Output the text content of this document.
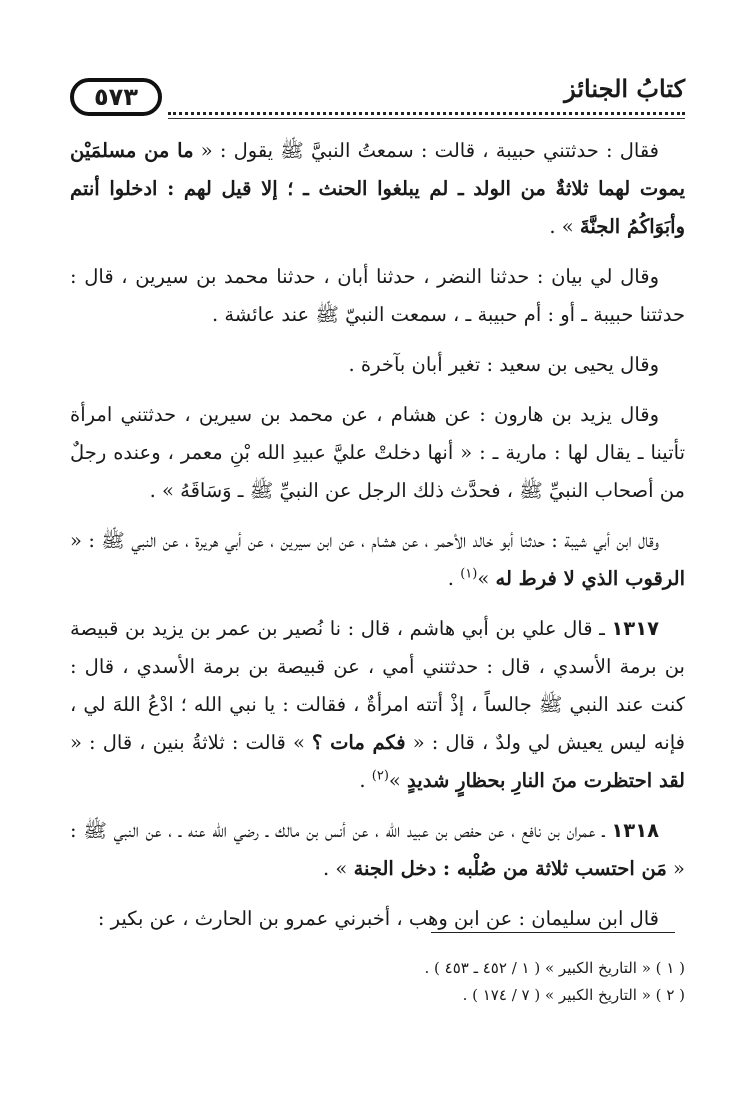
٥٧٣	كتابُ الجنائز

فقال : حدثتني حبيبة ، قالت : سمعتُ النبيَّ ﷺ يقول : « ما من مسلمَيْن يموت لهما ثلاثةٌ من الولد ـ لم يبلغوا الحنث ـ ؛ إلا قيل لهم : ادخلوا أنتم وأبَوَاكُمُ الجنَّةَ » .

وقال لي بيان : حدثنا النضر ، حدثنا أبان ، حدثنا محمد بن سيرين ، قال : حدثتنا حبيبة ـ أو : أم حبيبة ـ ، سمعت النبيّ ﷺ عند عائشة .

وقال يحيى بن سعيد : تغير أبان بآخرة .

وقال يزيد بن هارون : عن هشام ، عن محمد بن سيرين ، حدثتني امرأة تأتينا ـ يقال لها : مارية ـ : « أنها دخلتْ عليَّ عبيدِ الله بْنِ معمر ، وعنده رجلٌ من أصحاب النبيِّ ﷺ ، فحدَّث ذلك الرجل عن النبيِّ ﷺ ـ وَسَاقَهُ » .

وقال ابن أبي شيبة : حدثنا أبو خالد الأحمر ، عن هشام ، عن ابن سيرين ، عن أبي هريرة ، عن النبي ﷺ : « الرقوب الذي لا فرط له »$^{(١)}$ .

١٣١٧ ـ قال علي بن أبي هاشم ، قال : نا نُصير بن عمر بن يزيد بن قبيصة بن برمة الأسدي ، قال : حدثتني أمي ، عن قبيصة بن برمة الأسدي ، قال : كنت عند النبي ﷺ جالساً ، إذْ أتته امرأةٌ ، فقالت : يا نبي الله ؛ ادْعُ اللهَ لي ، فإنه ليس يعيش لي ولدٌ ، قال : « فكم مات ؟ » قالت : ثلاثةُ بنين ، قال : « لقد احتظرت منَ النارِ بحظارٍ شديدٍ »$^{(٢)}$ .

١٣١٨ ـ عمران بن نافع ، عن حفص بن عبيد الله ، عن أنس بن مالك ـ رضي الله عنه ـ ، عن النبي ﷺ : « مَن احتسب ثلاثة من صُلْبه : دخل الجنة » .

قال ابن سليمان : عن ابن وهب ، أخبرني عمرو بن الحارث ، عن بكير :

( ١ ) « التاريخ الكبير » ( ١ / ٤٥٢ ـ ٤٥٣ ) .

( ٢ ) « التاريخ الكبير » ( ٧ / ١٧٤ ) .
